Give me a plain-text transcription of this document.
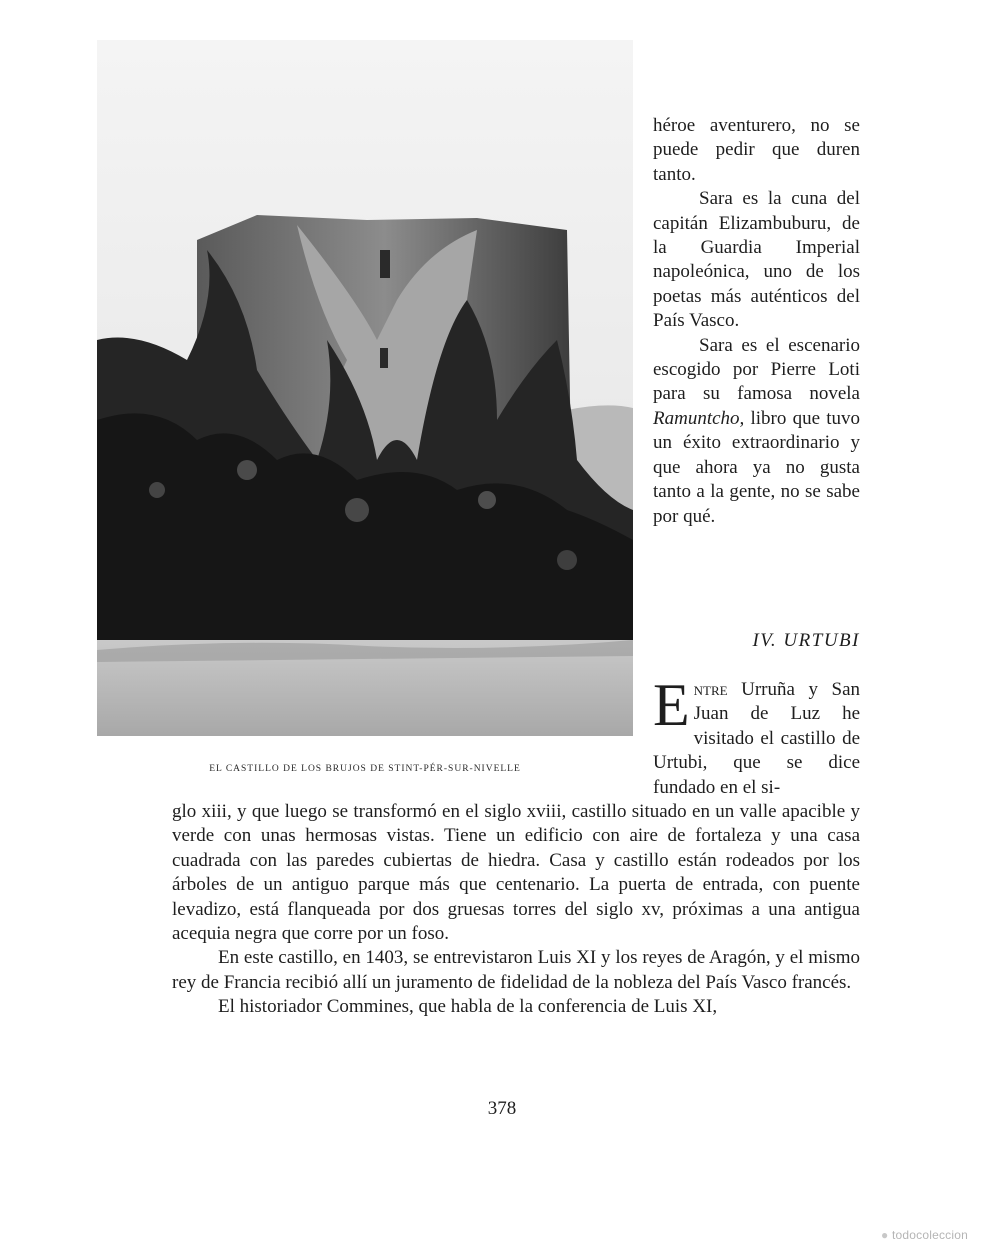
EL CASTILLO DE LOS BRUJOS DE STINT-PÉR-SUR-NIVELLE

héroe aventurero, no se puede pedir que duren tanto.

Sara es la cuna del capitán Elizambuburu, de la Guardia Imperial napoleónica, uno de los poetas más auténticos del País Vasco.

Sara es el escenario escogido por Pierre Loti para su famosa novela Ramuntcho, libro que tuvo un éxito extraordinario y que ahora ya no gusta tanto a la gente, no se sabe por qué.

IV. URTUBI

Entre Urruña y San Juan de Luz he visitado el castillo de Urtubi, que se dice fundado en el si-

glo xiii, y que luego se transformó en el siglo xviii, castillo situado en un valle apacible y verde con unas hermosas vistas. Tiene un edificio con aire de fortaleza y una casa cuadrada con las paredes cubiertas de hiedra. Casa y castillo están rodeados por los árboles de un antiguo parque más que centenario. La puerta de entrada, con puente levadizo, está flanqueada por dos gruesas torres del siglo xv, próximas a una antigua acequia negra que corre por un foso.

En este castillo, en 1403, se entrevistaron Luis XI y los reyes de Aragón, y el mismo rey de Francia recibió allí un juramento de fidelidad de la nobleza del País Vasco francés.

El historiador Commines, que habla de la conferencia de Luis XI,

378
● todocoleccion
